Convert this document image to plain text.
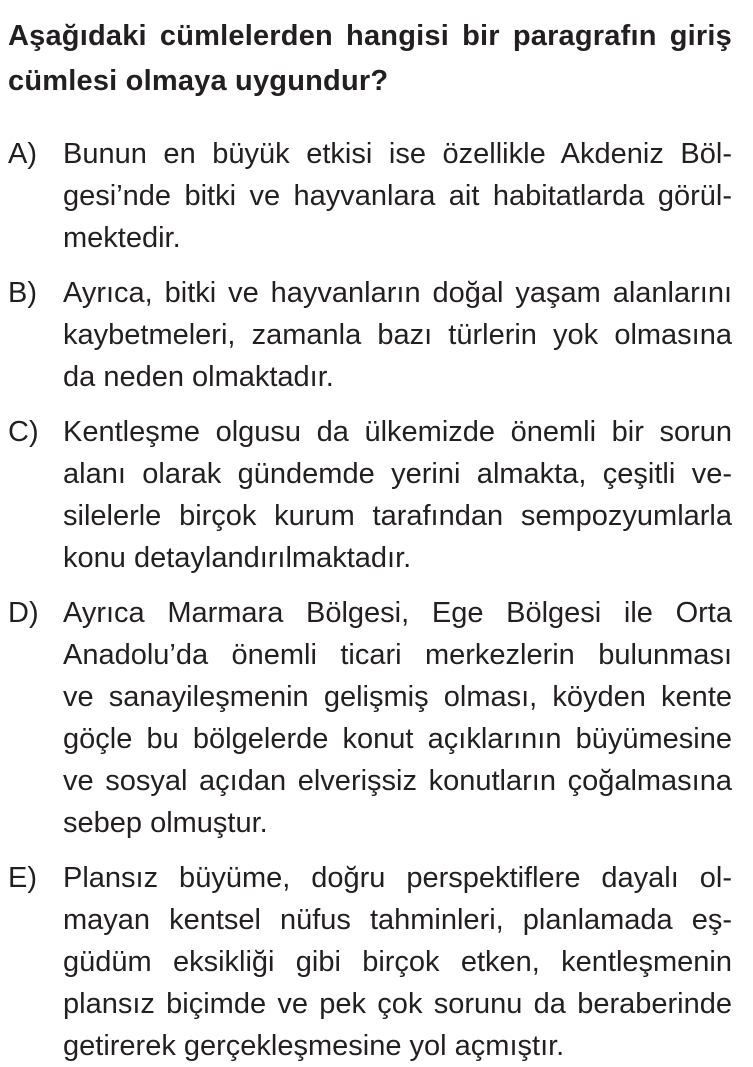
Aşağıdaki cümlelerden hangisi bir paragrafın giriş
cümlesi olmaya uygundur?
A) Bunun en büyük etkisi ise özellikle Akdeniz Böl-
gesi’nde bitki ve hayvanlara ait habitatlarda görül-
mektedir.
B) Ayrıca, bitki ve hayvanların doğal yaşam alanlarını
kaybetmeleri, zamanla bazı türlerin yok olmasına
da neden olmaktadır.
C) Kentleşme olgusu da ülkemizde önemli bir sorun
alanı olarak gündemde yerini almakta, çeşitli ve-
silelerle birçok kurum tarafından sempozyumlarla
konu detaylandırılmaktadır.
D) Ayrıca Marmara Bölgesi, Ege Bölgesi ile Orta
Anadolu’da önemli ticari merkezlerin bulunması
ve sanayileşmenin gelişmiş olması, köyden kente
göçle bu bölgelerde konut açıklarının büyümesine
ve sosyal açıdan elverişsiz konutların çoğalmasına
sebep olmuştur.
E) Plansız büyüme, doğru perspektiflere dayalı ol-
mayan kentsel nüfus tahminleri, planlamada eş-
güdüm eksikliği gibi birçok etken, kentleşmenin
plansız biçimde ve pek çok sorunu da beraberinde
getirerek gerçekleşmesine yol açmıştır.
